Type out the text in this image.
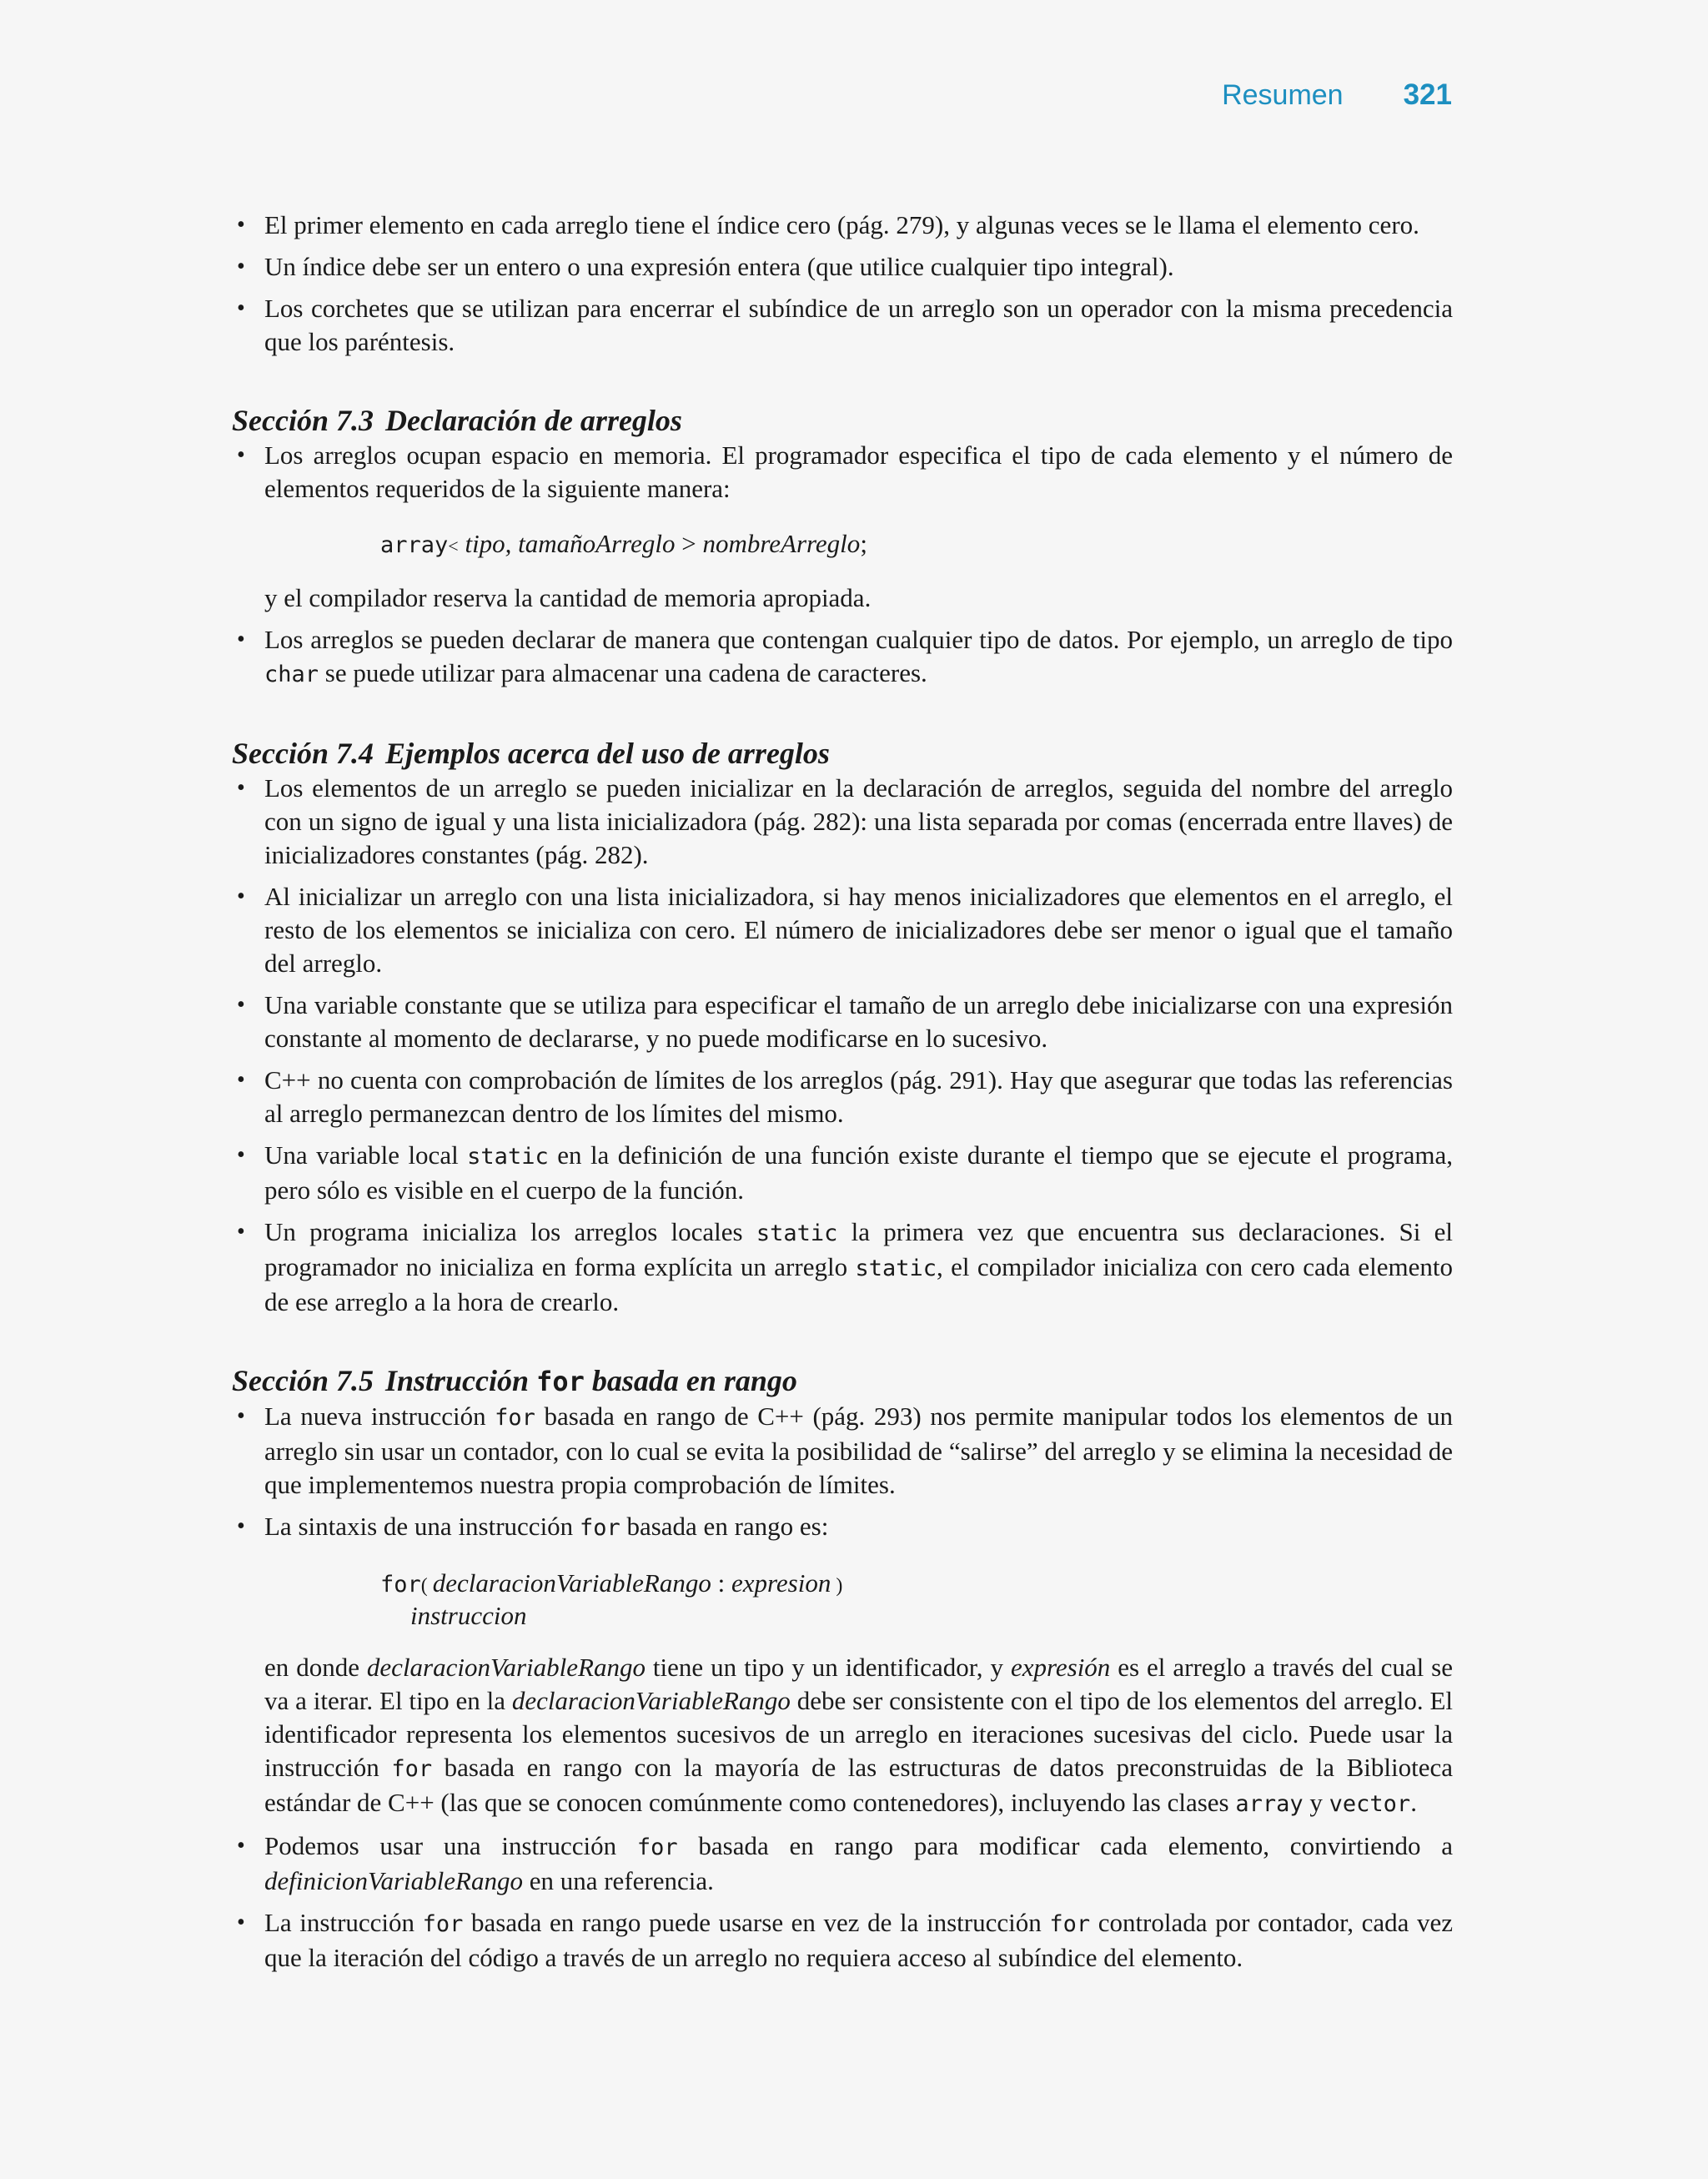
Resumen 321
• El primer elemento en cada arreglo tiene el índice cero (pág. 279), y algunas veces se le llama el elemento cero.
• Un índice debe ser un entero o una expresión entera (que utilice cualquier tipo integral).
• Los corchetes que se utilizan para encerrar el subíndice de un arreglo son un operador con la misma precedencia que los paréntesis.
Sección 7.3 Declaración de arreglos
• Los arreglos ocupan espacio en memoria. El programador especifica el tipo de cada elemento y el número de elementos requeridos de la siguiente manera:
array< tipo, tamañoArreglo > nombreArreglo;
y el compilador reserva la cantidad de memoria apropiada.
• Los arreglos se pueden declarar de manera que contengan cualquier tipo de datos. Por ejemplo, un arreglo de tipo char se puede utilizar para almacenar una cadena de caracteres.
Sección 7.4 Ejemplos acerca del uso de arreglos
• Los elementos de un arreglo se pueden inicializar en la declaración de arreglos, seguida del nombre del arreglo con un signo de igual y una lista inicializadora (pág. 282): una lista separada por comas (encerrada entre llaves) de inicializadores constantes (pág. 282).
• Al inicializar un arreglo con una lista inicializadora, si hay menos inicializadores que elementos en el arreglo, el resto de los elementos se inicializa con cero. El número de inicializadores debe ser menor o igual que el tamaño del arreglo.
• Una variable constante que se utiliza para especificar el tamaño de un arreglo debe inicializarse con una expresión constante al momento de declararse, y no puede modificarse en lo sucesivo.
• C++ no cuenta con comprobación de límites de los arreglos (pág. 291). Hay que asegurar que todas las referencias al arreglo permanezcan dentro de los límites del mismo.
• Una variable local static en la definición de una función existe durante el tiempo que se ejecute el programa, pero sólo es visible en el cuerpo de la función.
• Un programa inicializa los arreglos locales static la primera vez que encuentra sus declaraciones. Si el programador no inicializa en forma explícita un arreglo static, el compilador inicializa con cero cada elemento de ese arreglo a la hora de crearlo.
Sección 7.5 Instrucción for basada en rango
• La nueva instrucción for basada en rango de C++ (pág. 293) nos permite manipular todos los elementos de un arreglo sin usar un contador, con lo cual se evita la posibilidad de “salirse” del arreglo y se elimina la necesidad de que implementemos nuestra propia comprobación de límites.
• La sintaxis de una instrucción for basada en rango es:
for( declaracionVariableRango : expresion )
instruccion
en donde declaracionVariableRango tiene un tipo y un identificador, y expresión es el arreglo a través del cual se va a iterar. El tipo en la declaracionVariableRango debe ser consistente con el tipo de los elementos del arreglo. El identificador representa los elementos sucesivos de un arreglo en iteraciones sucesivas del ciclo. Puede usar la instrucción for basada en rango con la mayoría de las estructuras de datos preconstruidas de la Biblioteca estándar de C++ (las que se conocen comúnmente como contenedores), incluyendo las clases array y vector.
• Podemos usar una instrucción for basada en rango para modificar cada elemento, convirtiendo a definicionVariableRango en una referencia.
• La instrucción for basada en rango puede usarse en vez de la instrucción for controlada por contador, cada vez que la iteración del código a través de un arreglo no requiera acceso al subíndice del elemento.
